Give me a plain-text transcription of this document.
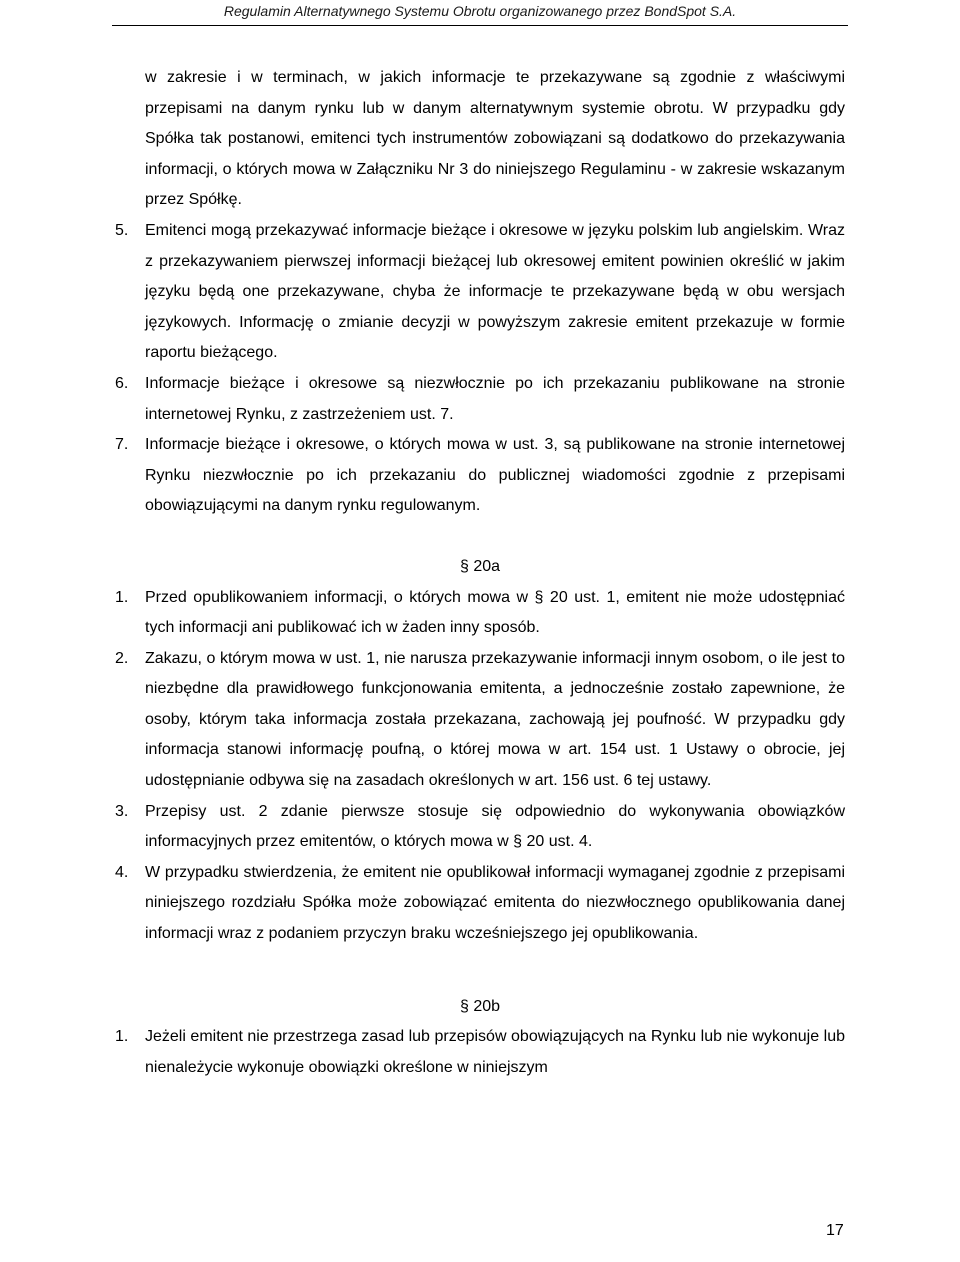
Regulamin Alternatywnego Systemu Obrotu organizowanego przez BondSpot S.A.

w zakresie i w terminach, w jakich informacje te przekazywane są zgodnie z właściwymi przepisami na danym rynku lub w danym alternatywnym systemie obrotu. W przypadku gdy Spółka tak postanowi, emitenci tych instrumentów zobowiązani są dodatkowo do przekazywania informacji, o których mowa w Załączniku Nr 3 do niniejszego Regulaminu - w zakresie wskazanym przez Spółkę.

5.	Emitenci mogą przekazywać informacje bieżące i okresowe w języku polskim lub angielskim. Wraz z przekazywaniem pierwszej informacji bieżącej lub okresowej emitent powinien określić w jakim języku będą one przekazywane, chyba że informacje te przekazywane będą w obu wersjach językowych. Informację o zmianie decyzji w powyższym zakresie emitent przekazuje w formie raportu bieżącego.
6.	Informacje bieżące i okresowe są niezwłocznie po ich przekazaniu publikowane na stronie internetowej Rynku, z zastrzeżeniem ust. 7.
7.	Informacje bieżące i okresowe, o których mowa w ust. 3, są publikowane na stronie internetowej Rynku niezwłocznie po ich przekazaniu do publicznej wiadomości zgodnie z przepisami obowiązującymi na danym rynku regulowanym.

§ 20a

1.	Przed opublikowaniem informacji, o których mowa w § 20 ust. 1, emitent nie może udostępniać tych informacji ani publikować ich w żaden inny sposób.
2.	Zakazu, o którym mowa w ust. 1, nie narusza przekazywanie informacji innym osobom, o ile jest to niezbędne dla prawidłowego funkcjonowania emitenta, a jednocześnie zostało zapewnione, że osoby, którym taka informacja została przekazana, zachowają jej poufność. W przypadku gdy informacja stanowi informację poufną, o której mowa w art. 154 ust. 1 Ustawy o obrocie, jej udostępnianie odbywa się na zasadach określonych w art. 156 ust. 6 tej ustawy.
3.	Przepisy ust. 2 zdanie pierwsze stosuje się odpowiednio do wykonywania obowiązków informacyjnych przez emitentów, o których mowa w § 20 ust. 4.
4.	W przypadku stwierdzenia, że emitent nie opublikował informacji wymaganej zgodnie z przepisami niniejszego rozdziału Spółka może zobowiązać emitenta do niezwłocznego opublikowania danej informacji wraz z podaniem przyczyn braku wcześniejszego jej opublikowania.

§ 20b

1.	Jeżeli emitent nie przestrzega zasad lub przepisów obowiązujących na Rynku lub nie wykonuje lub nienależycie wykonuje obowiązki określone w niniejszym
17
